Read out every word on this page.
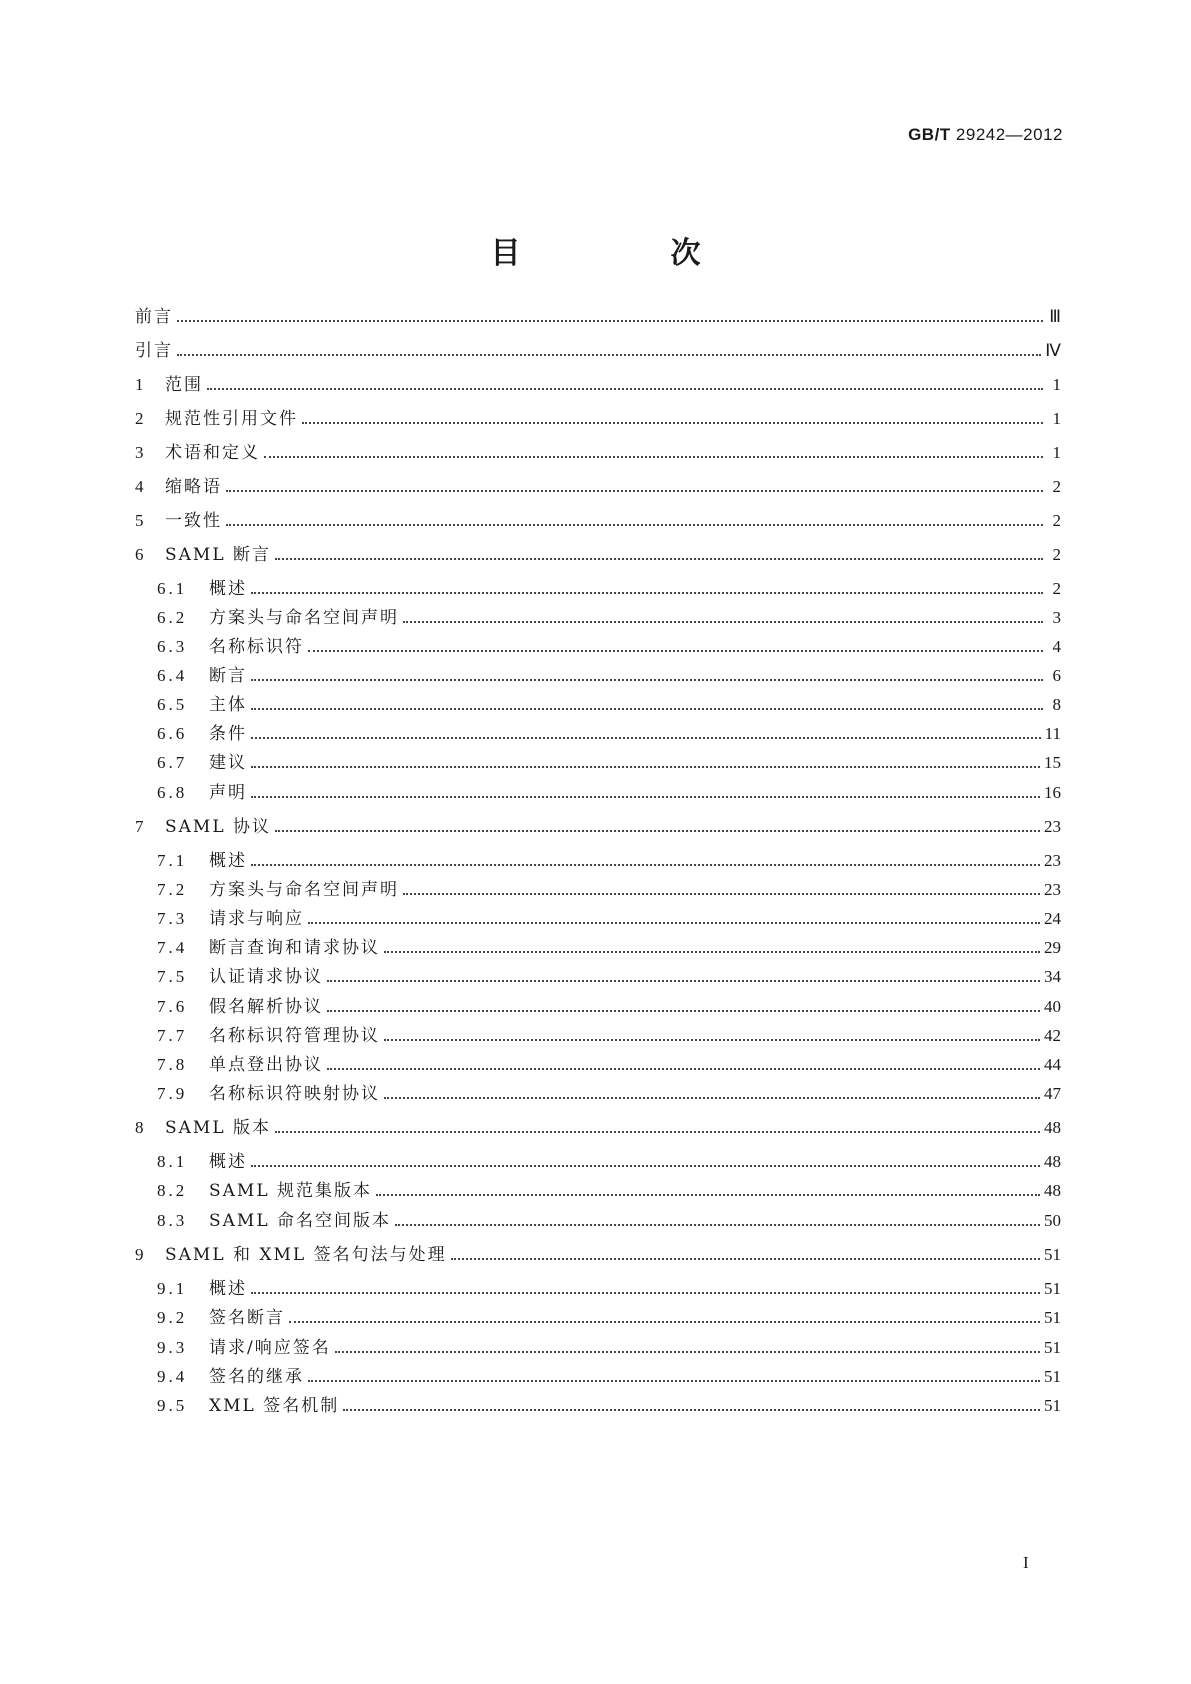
GB/T 29242—2012
目　次
前言	Ⅲ
引言	Ⅳ
1	范围	1
2	规范性引用文件	1
3	术语和定义	1
4	缩略语	2
5	一致性	2
6	SAML 断言	2
6.1	概述	2
6.2	方案头与命名空间声明	3
6.3	名称标识符	4
6.4	断言	6
6.5	主体	8
6.6	条件	11
6.7	建议	15
6.8	声明	16
7	SAML 协议	23
7.1	概述	23
7.2	方案头与命名空间声明	23
7.3	请求与响应	24
7.4	断言查询和请求协议	29
7.5	认证请求协议	34
7.6	假名解析协议	40
7.7	名称标识符管理协议	42
7.8	单点登出协议	44
7.9	名称标识符映射协议	47
8	SAML 版本	48
8.1	概述	48
8.2	SAML 规范集版本	48
8.3	SAML 命名空间版本	50
9	SAML 和 XML 签名句法与处理	51
9.1	概述	51
9.2	签名断言	51
9.3	请求/响应签名	51
9.4	签名的继承	51
9.5	XML 签名机制	51
I
